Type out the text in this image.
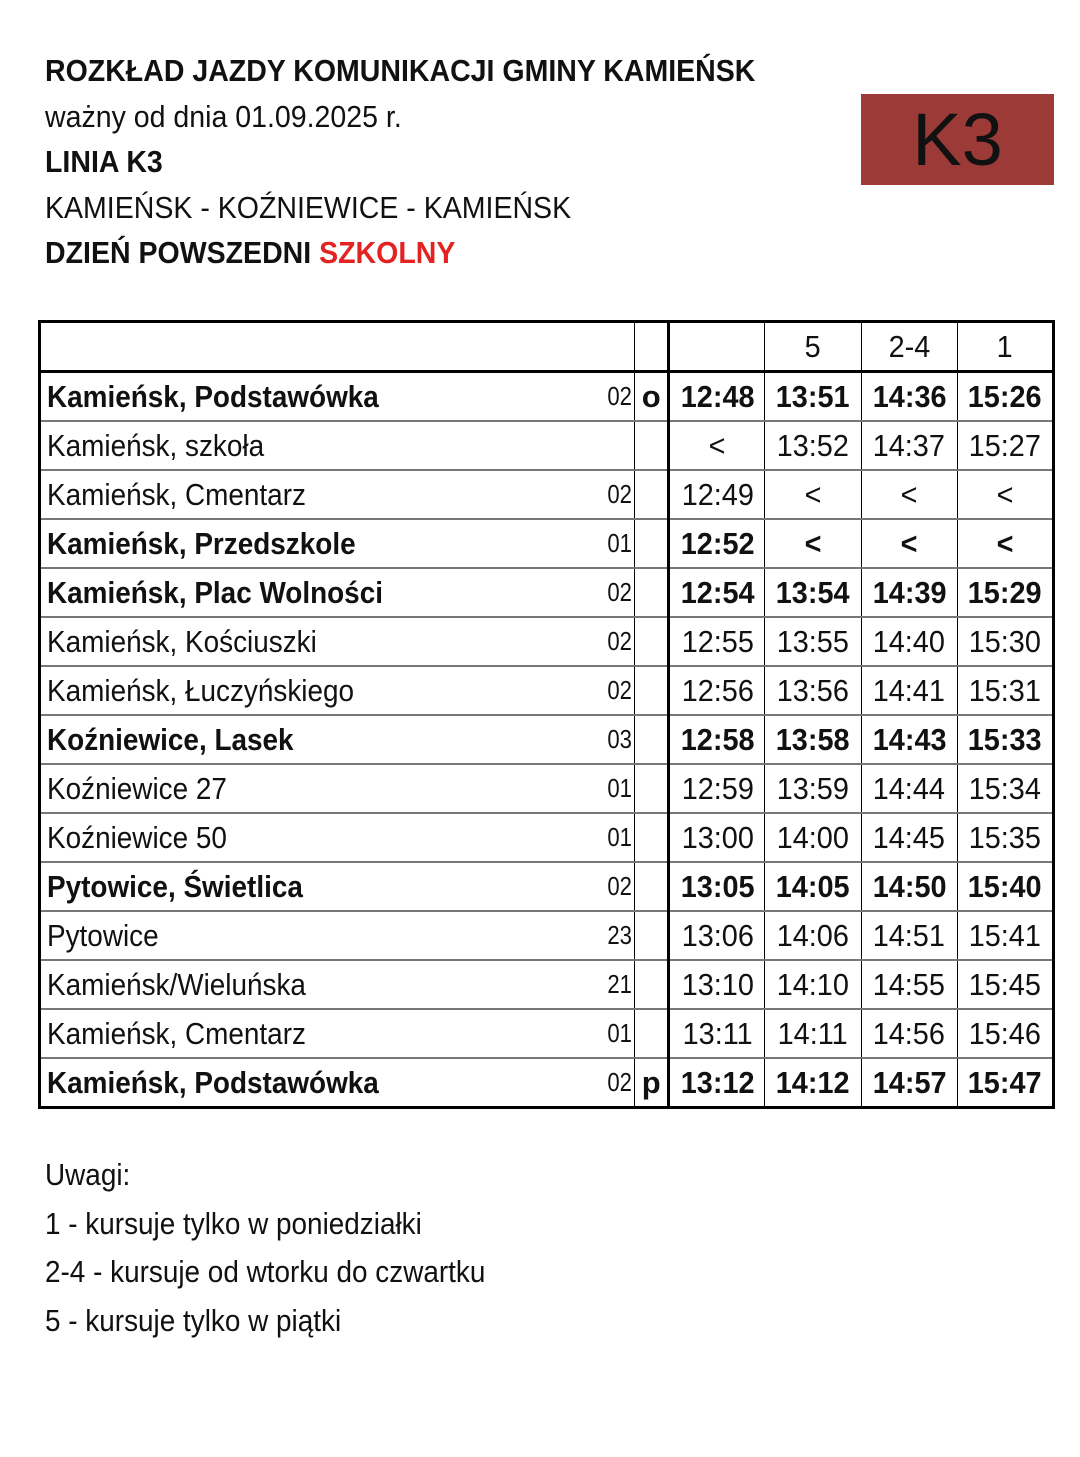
ROZKŁAD JAZDY KOMUNIKACJI GMINY KAMIEŃSK
ważny od dnia 01.09.2025 r.
LINIA K3
KAMIEŃSK - KOŹNIEWICE - KAMIEŃSK
DZIEŃ POWSZEDNI SZKOLNY
K3
			5	2-4	1

Kamieńsk, Podstawówka 02	o	12:48	13:51	14:36	15:26

Kamieńsk, szkoła		<	13:52	14:37	15:27

Kamieńsk, Cmentarz 02		12:49	<	<	<

Kamieńsk, Przedszkole 01		12:52	<	<	<

Kamieńsk, Plac Wolności 02		12:54	13:54	14:39	15:29

Kamieńsk, Kościuszki 02		12:55	13:55	14:40	15:30

Kamieńsk, Łuczyńskiego 02		12:56	13:56	14:41	15:31

Koźniewice, Lasek 03		12:58	13:58	14:43	15:33

Koźniewice 27 01		12:59	13:59	14:44	15:34

Koźniewice 50 01		13:00	14:00	14:45	15:35

Pytowice, Świetlica 02		13:05	14:05	14:50	15:40

Pytowice 23		13:06	14:06	14:51	15:41

Kamieńsk/Wieluńska 21		13:10	14:10	14:55	15:45

Kamieńsk, Cmentarz 01		13:11	14:11	14:56	15:46

Kamieńsk, Podstawówka 02	p	13:12	14:12	14:57	15:47
Uwagi:
1 - kursuje tylko w poniedziałki
2-4 - kursuje od wtorku do czwartku
5 - kursuje tylko w piątki
